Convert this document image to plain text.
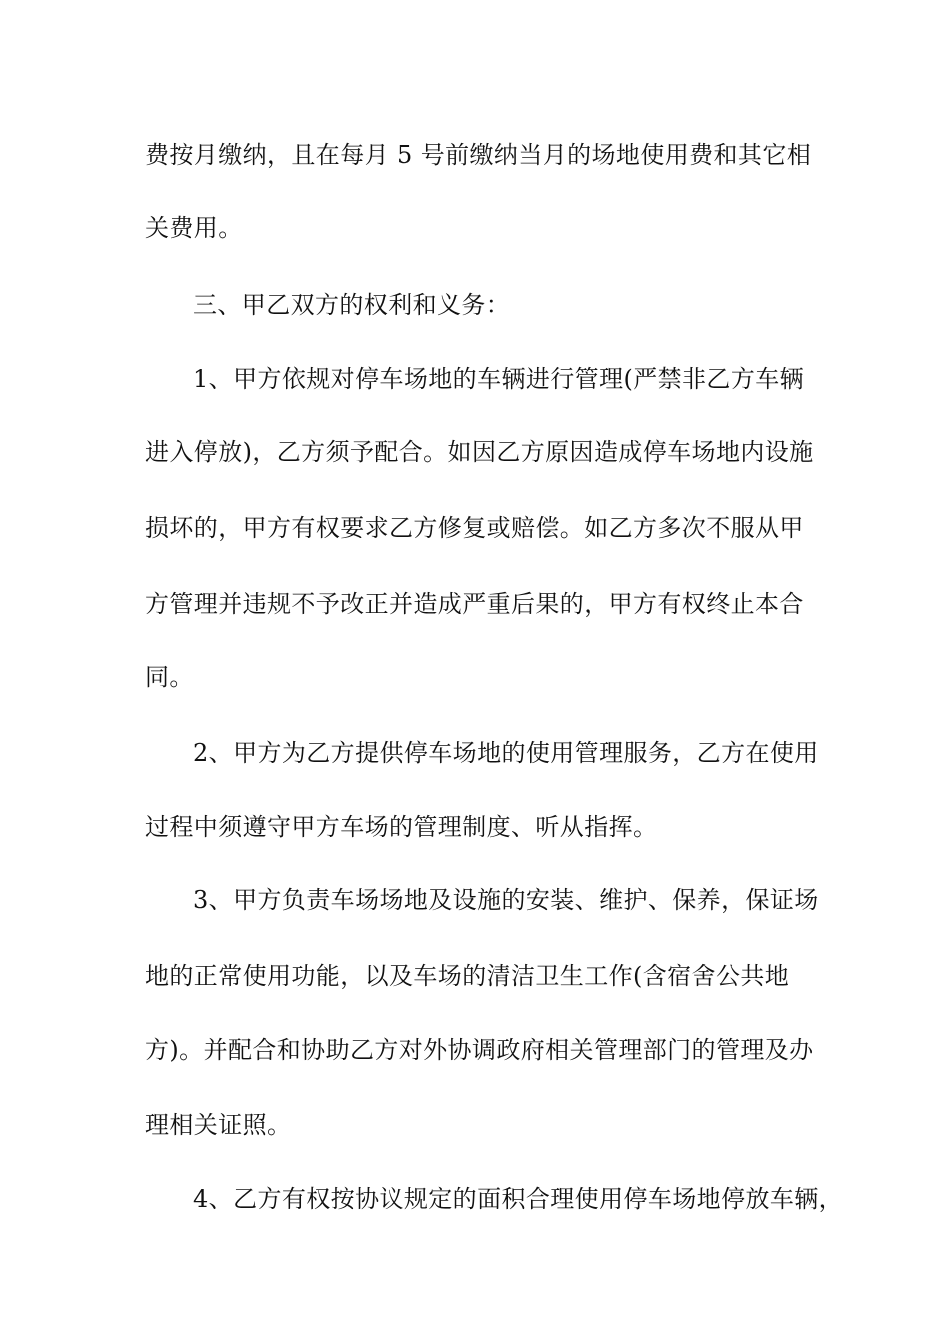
费按月缴纳，且在每月 5 号前缴纳当月的场地使用费和其它相
关费用。
三、甲乙双方的权利和义务：
1、甲方依规对停车场地的车辆进行管理(严禁非乙方车辆
进入停放)，乙方须予配合。如因乙方原因造成停车场地内设施
损坏的，甲方有权要求乙方修复或赔偿。如乙方多次不服从甲
方管理并违规不予改正并造成严重后果的，甲方有权终止本合
同。
2、甲方为乙方提供停车场地的使用管理服务，乙方在使用
过程中须遵守甲方车场的管理制度、听从指挥。
3、甲方负责车场场地及设施的安装、维护、保养，保证场
地的正常使用功能，以及车场的清洁卫生工作(含宿舍公共地
方)。并配合和协助乙方对外协调政府相关管理部门的管理及办
理相关证照。
4、乙方有权按协议规定的面积合理使用停车场地停放车辆，
